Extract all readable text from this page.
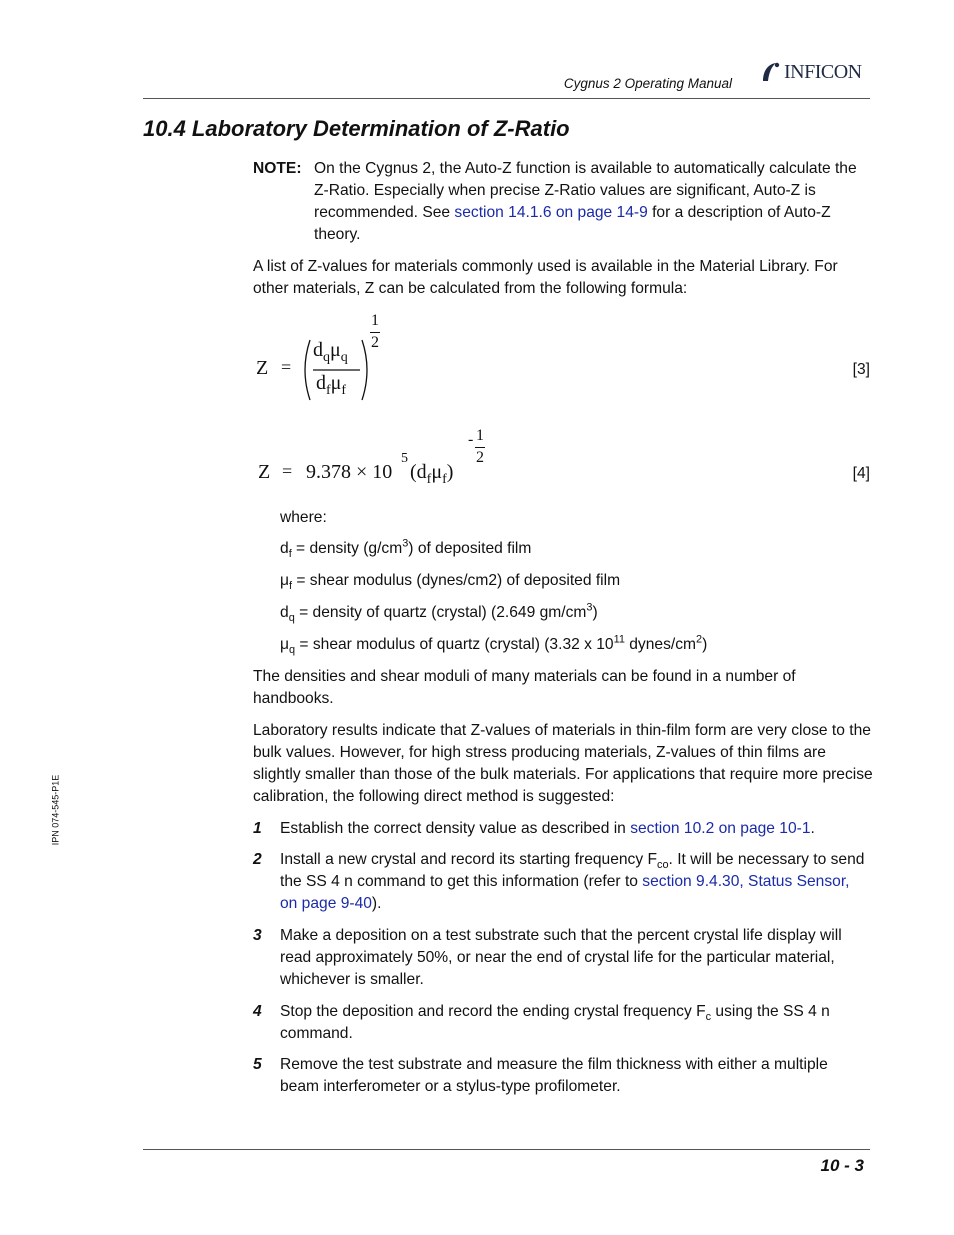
Cygnus 2 Operating Manual
INFICON
10.4 Laboratory Determination of Z-Ratio
NOTE: On the Cygnus 2, the Auto-Z function is available to automatically calculate the Z-Ratio. Especially when precise Z-Ratio values are significant, Auto-Z is recommended. See section 14.1.6 on page 14-9 for a description of Auto-Z theory.
A list of Z-values for materials commonly used is available in the Material Library. For other materials, Z can be calculated from the following formula:
Z =
$d_q\mu_q$
$d_f\mu_f$
1
2
[3]
Z = 9.378 × 10
5
$(d_f\mu_f)$
- 1
2
[4]
where:
$d_f$ = density $(g/cm^3)$ of deposited film
$\mu_f$ = shear modulus (dynes/cm2) of deposited film
$d_q$ = density of quartz (crystal) (2.649 $gm/cm^3$)
$\mu_q$ = shear modulus of quartz (crystal) (3.32 x $10^{11}$ dynes/$cm^2$)
The densities and shear moduli of many materials can be found in a number of handbooks.
Laboratory results indicate that Z-values of materials in thin-film form are very close to the bulk values. However, for high stress producing materials, Z-values of thin films are slightly smaller than those of the bulk materials. For applications that require more precise calibration, the following direct method is suggested:
1 Establish the correct density value as described in section 10.2 on page 10-1.
2 Install a new crystal and record its starting frequency $F_{co}$. It will be necessary to send the SS 4 n command to get this information (refer to section 9.4.30, Status Sensor, on page 9-40).
3 Make a deposition on a test substrate such that the percent crystal life display will read approximately 50%, or near the end of crystal life for the particular material, whichever is smaller.
4 Stop the deposition and record the ending crystal frequency $F_c$ using the SS 4 n command.
5 Remove the test substrate and measure the film thickness with either a multiple beam interferometer or a stylus-type profilometer.
IPN 074-545-P1E
10 - 3
